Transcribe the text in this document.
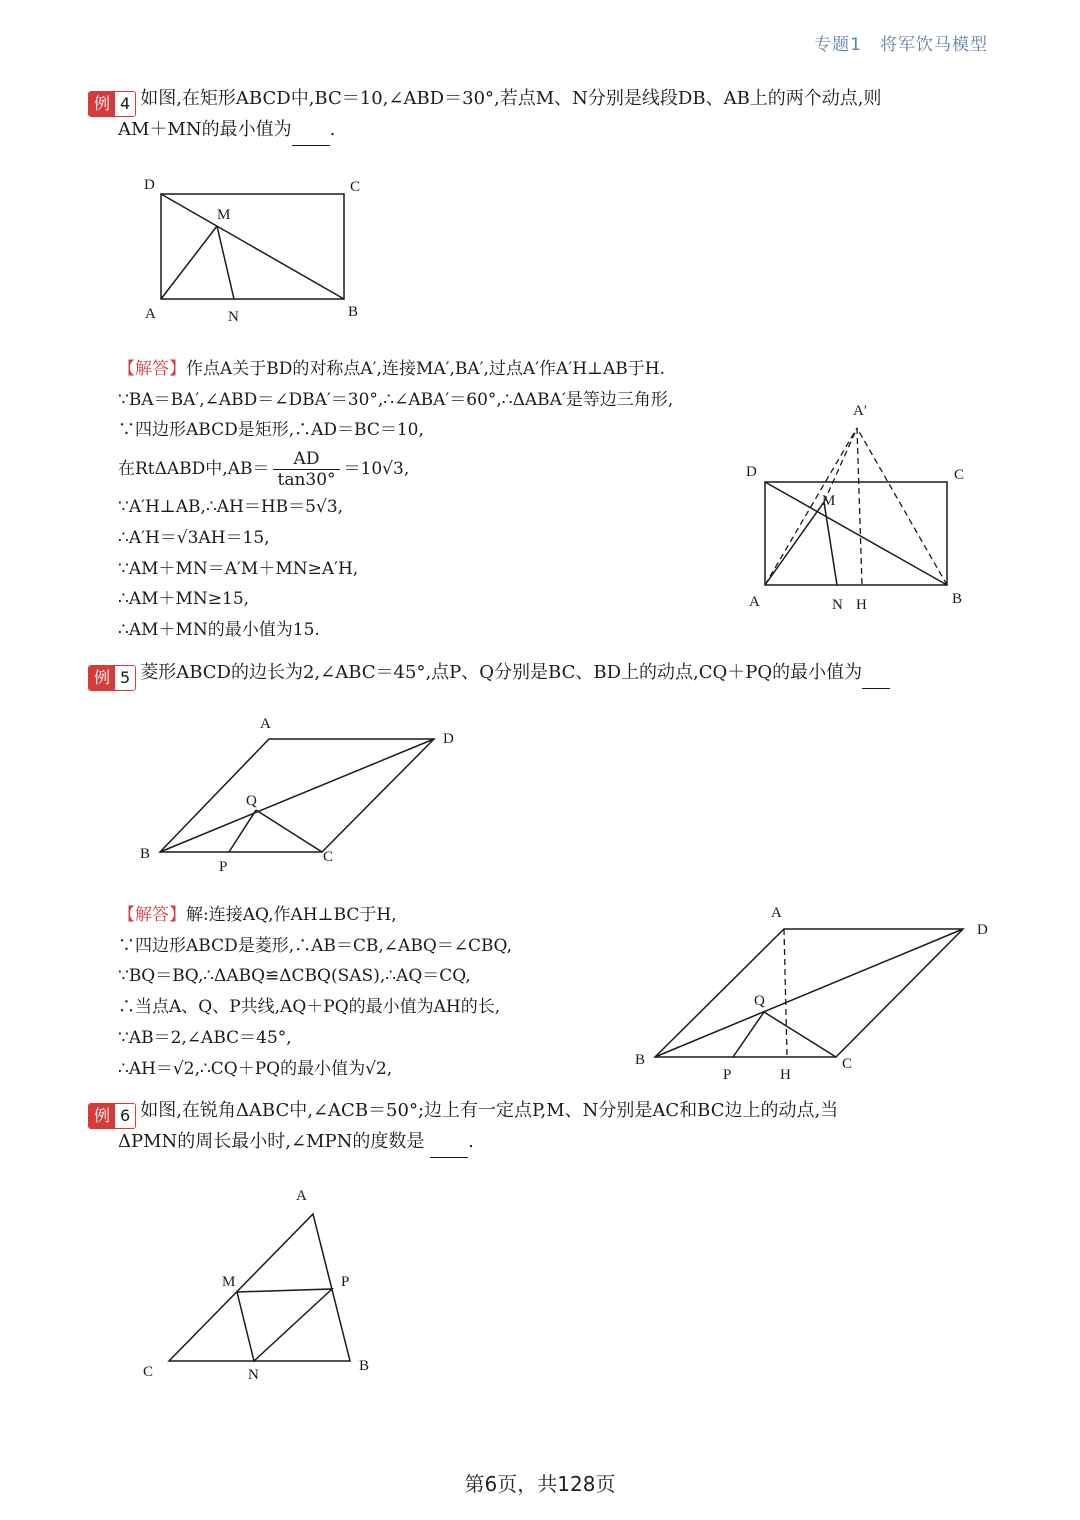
专题1　将军饮马模型
例 4 如图,在矩形ABCD中,BC＝10,∠ABD＝30°,若点M、N分别是线段DB、AB上的两个动点,则
AM＋MN的最小值为 .
D	C
M
A	N	B
【解答】作点A关于BD的对称点A′,连接MA′,BA′,过点A′作A′H⊥AB于H.
∵BA＝BA′,∠ABD＝∠DBA′＝30°,∴∠ABA′＝60°,∴ΔABA′是等边三角形,
∵四边形ABCD是矩形,∴AD＝BC＝10,
在RtΔABD中$,AB= \frac{AD}{\tan 30^\circ} =10√3$,
∵A′H⊥AB,∴AH＝HB＝5√3,
∴A′H＝√3AH＝15,
∵AM＋MN＝A′M＋MN≥A′H,
∴AM＋MN≥15,
∴AM＋MN的最小值为15.
A′
D	C
M
A	N H	B
例 5 菱形ABCD的边长为2,∠ABC＝45°,点P、Q分别是BC、BD上的动点,CQ＋PQ的最小值为
A
D
Q
B
P
C
【解答】解:连接AQ,作AH⊥BC于H,
∵四边形ABCD是菱形,∴AB＝CB,∠ABQ＝∠CBQ,
∵BQ＝BQ,∴ΔABQ≌ΔCBQ(SAS),∴AQ＝CQ,
∴当点A、Q、P共线,AQ＋PQ的最小值为AH的长,
∵AB＝2,∠ABC＝45°,
∴AH＝√2,∴CQ＋PQ的最小值为√2,
A
D
Q
B
P	H
C
例 6 如图,在锐角ΔABC中,∠ACB＝50°;边上有一定点P,M、N分别是AC和BC边上的动点,当
ΔPMN的周长最小时,∠MPN的度数是 .
A
M	P
C	N
B
第6页，共128页
